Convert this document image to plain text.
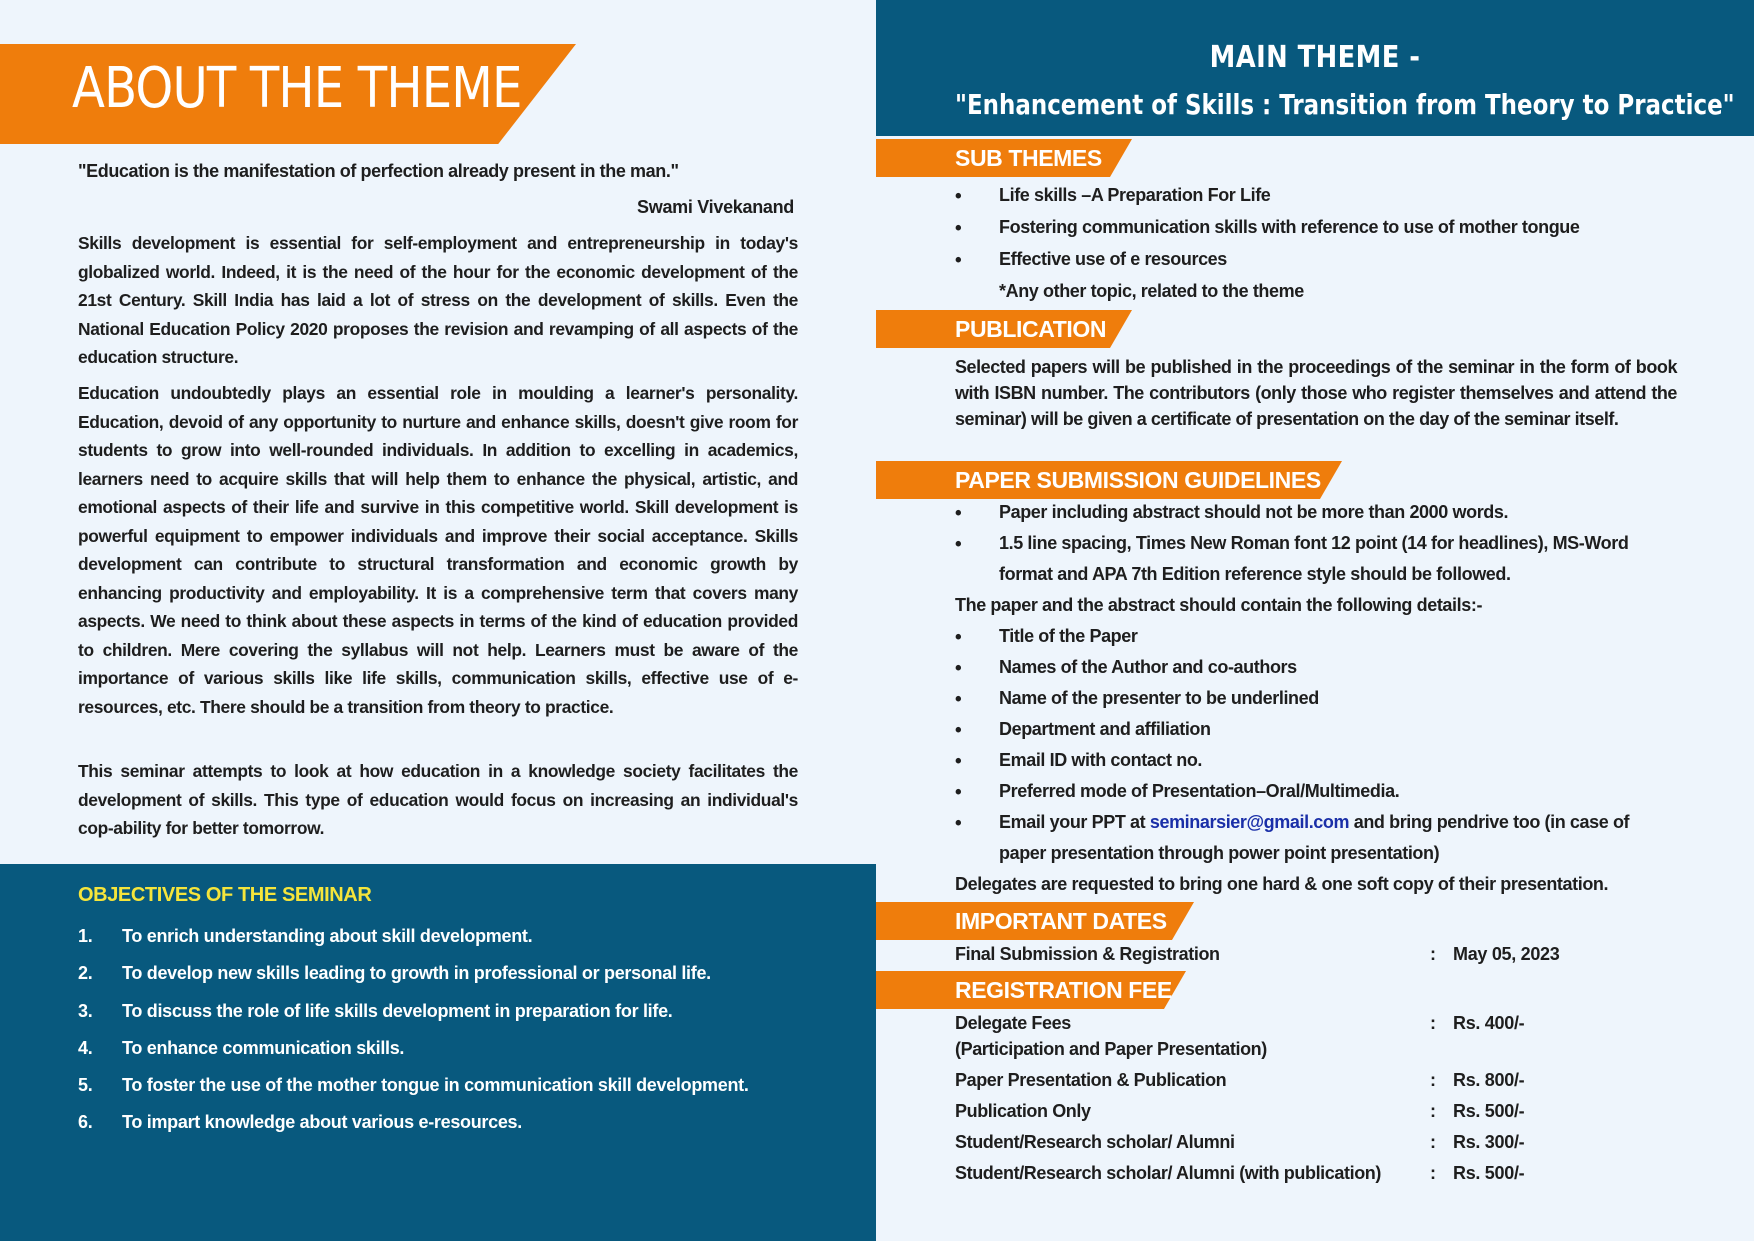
ABOUT THE THEME
"Education is the manifestation of perfection already present in the man."
Swami Vivekanand

Skills development is essential for self-employment and entrepreneurship in today's globalized world. Indeed, it is the need of the hour for the economic development of the 21st Century. Skill India has laid a lot of stress on the development of skills. Even the National Education Policy 2020 proposes the revision and revamping of all aspects of the education structure.

Education undoubtedly plays an essential role in moulding a learner's personality. Education, devoid of any opportunity to nurture and enhance skills, doesn't give room for students to grow into well-rounded individuals. In addition to excelling in academics, learners need to acquire skills that will help them to enhance the physical, artistic, and emotional aspects of their life and survive in this competitive world. Skill development is powerful equipment to empower individuals and improve their social acceptance. Skills development can contribute to structural transformation and economic growth by enhancing productivity and employability. It is a comprehensive term that covers many aspects. We need to think about these aspects in terms of the kind of education provided to children. Mere covering the syllabus will not help. Learners must be aware of the importance of various skills like life skills, communication skills, effective use of e-resources, etc. There should be a transition from theory to practice.

This seminar attempts to look at how education in a knowledge society facilitates the development of skills. This type of education would focus on increasing an individual's cop-ability for better tomorrow.

OBJECTIVES OF THE SEMINAR
1. To enrich understanding about skill development.
2. To develop new skills leading to growth in professional or personal life.
3. To discuss the role of life skills development in preparation for life.
4. To enhance communication skills.
5. To foster the use of the mother tongue in communication skill development.
6. To impart knowledge about various e-resources.
MAIN THEME -
"Enhancement of Skills : Transition from Theory to Practice"
SUB THEMES
• Life skills –A Preparation For Life
• Fostering communication skills with reference to use of mother tongue
• Effective use of e resources
*Any other topic, related to the theme
PUBLICATION

Selected papers will be published in the proceedings of the seminar in the form of book with ISBN number. The contributors (only those who register themselves and attend the seminar) will be given a certificate of presentation on the day of the seminar itself.

PAPER SUBMISSION GUIDELINES
• Paper including abstract should not be more than 2000 words.
• 1.5 line spacing, Times New Roman font 12 point (14 for headlines), MS-Word
format and APA 7th Edition reference style should be followed.
The paper and the abstract should contain the following details:-
• Title of the Paper
• Names of the Author and co-authors
• Name of the presenter to be underlined
• Department and affiliation
• Email ID with contact no.
• Preferred mode of Presentation–Oral/Multimedia.
• Email your PPT at seminarsier@gmail.com and bring pendrive too (in case of
paper presentation through power point presentation)
Delegates are requested to bring one hard & one soft copy of their presentation.
IMPORTANT DATES
Final Submission & Registration	: May 05, 2023
REGISTRATION FEE
Delegate Fees	: Rs. 400/-
(Participation and Paper Presentation)
Paper Presentation & Publication	: Rs. 800/-
Publication Only	: Rs. 500/-
Student/Research scholar/ Alumni	: Rs. 300/-
Student/Research scholar/ Alumni (with publication)	: Rs. 500/-
